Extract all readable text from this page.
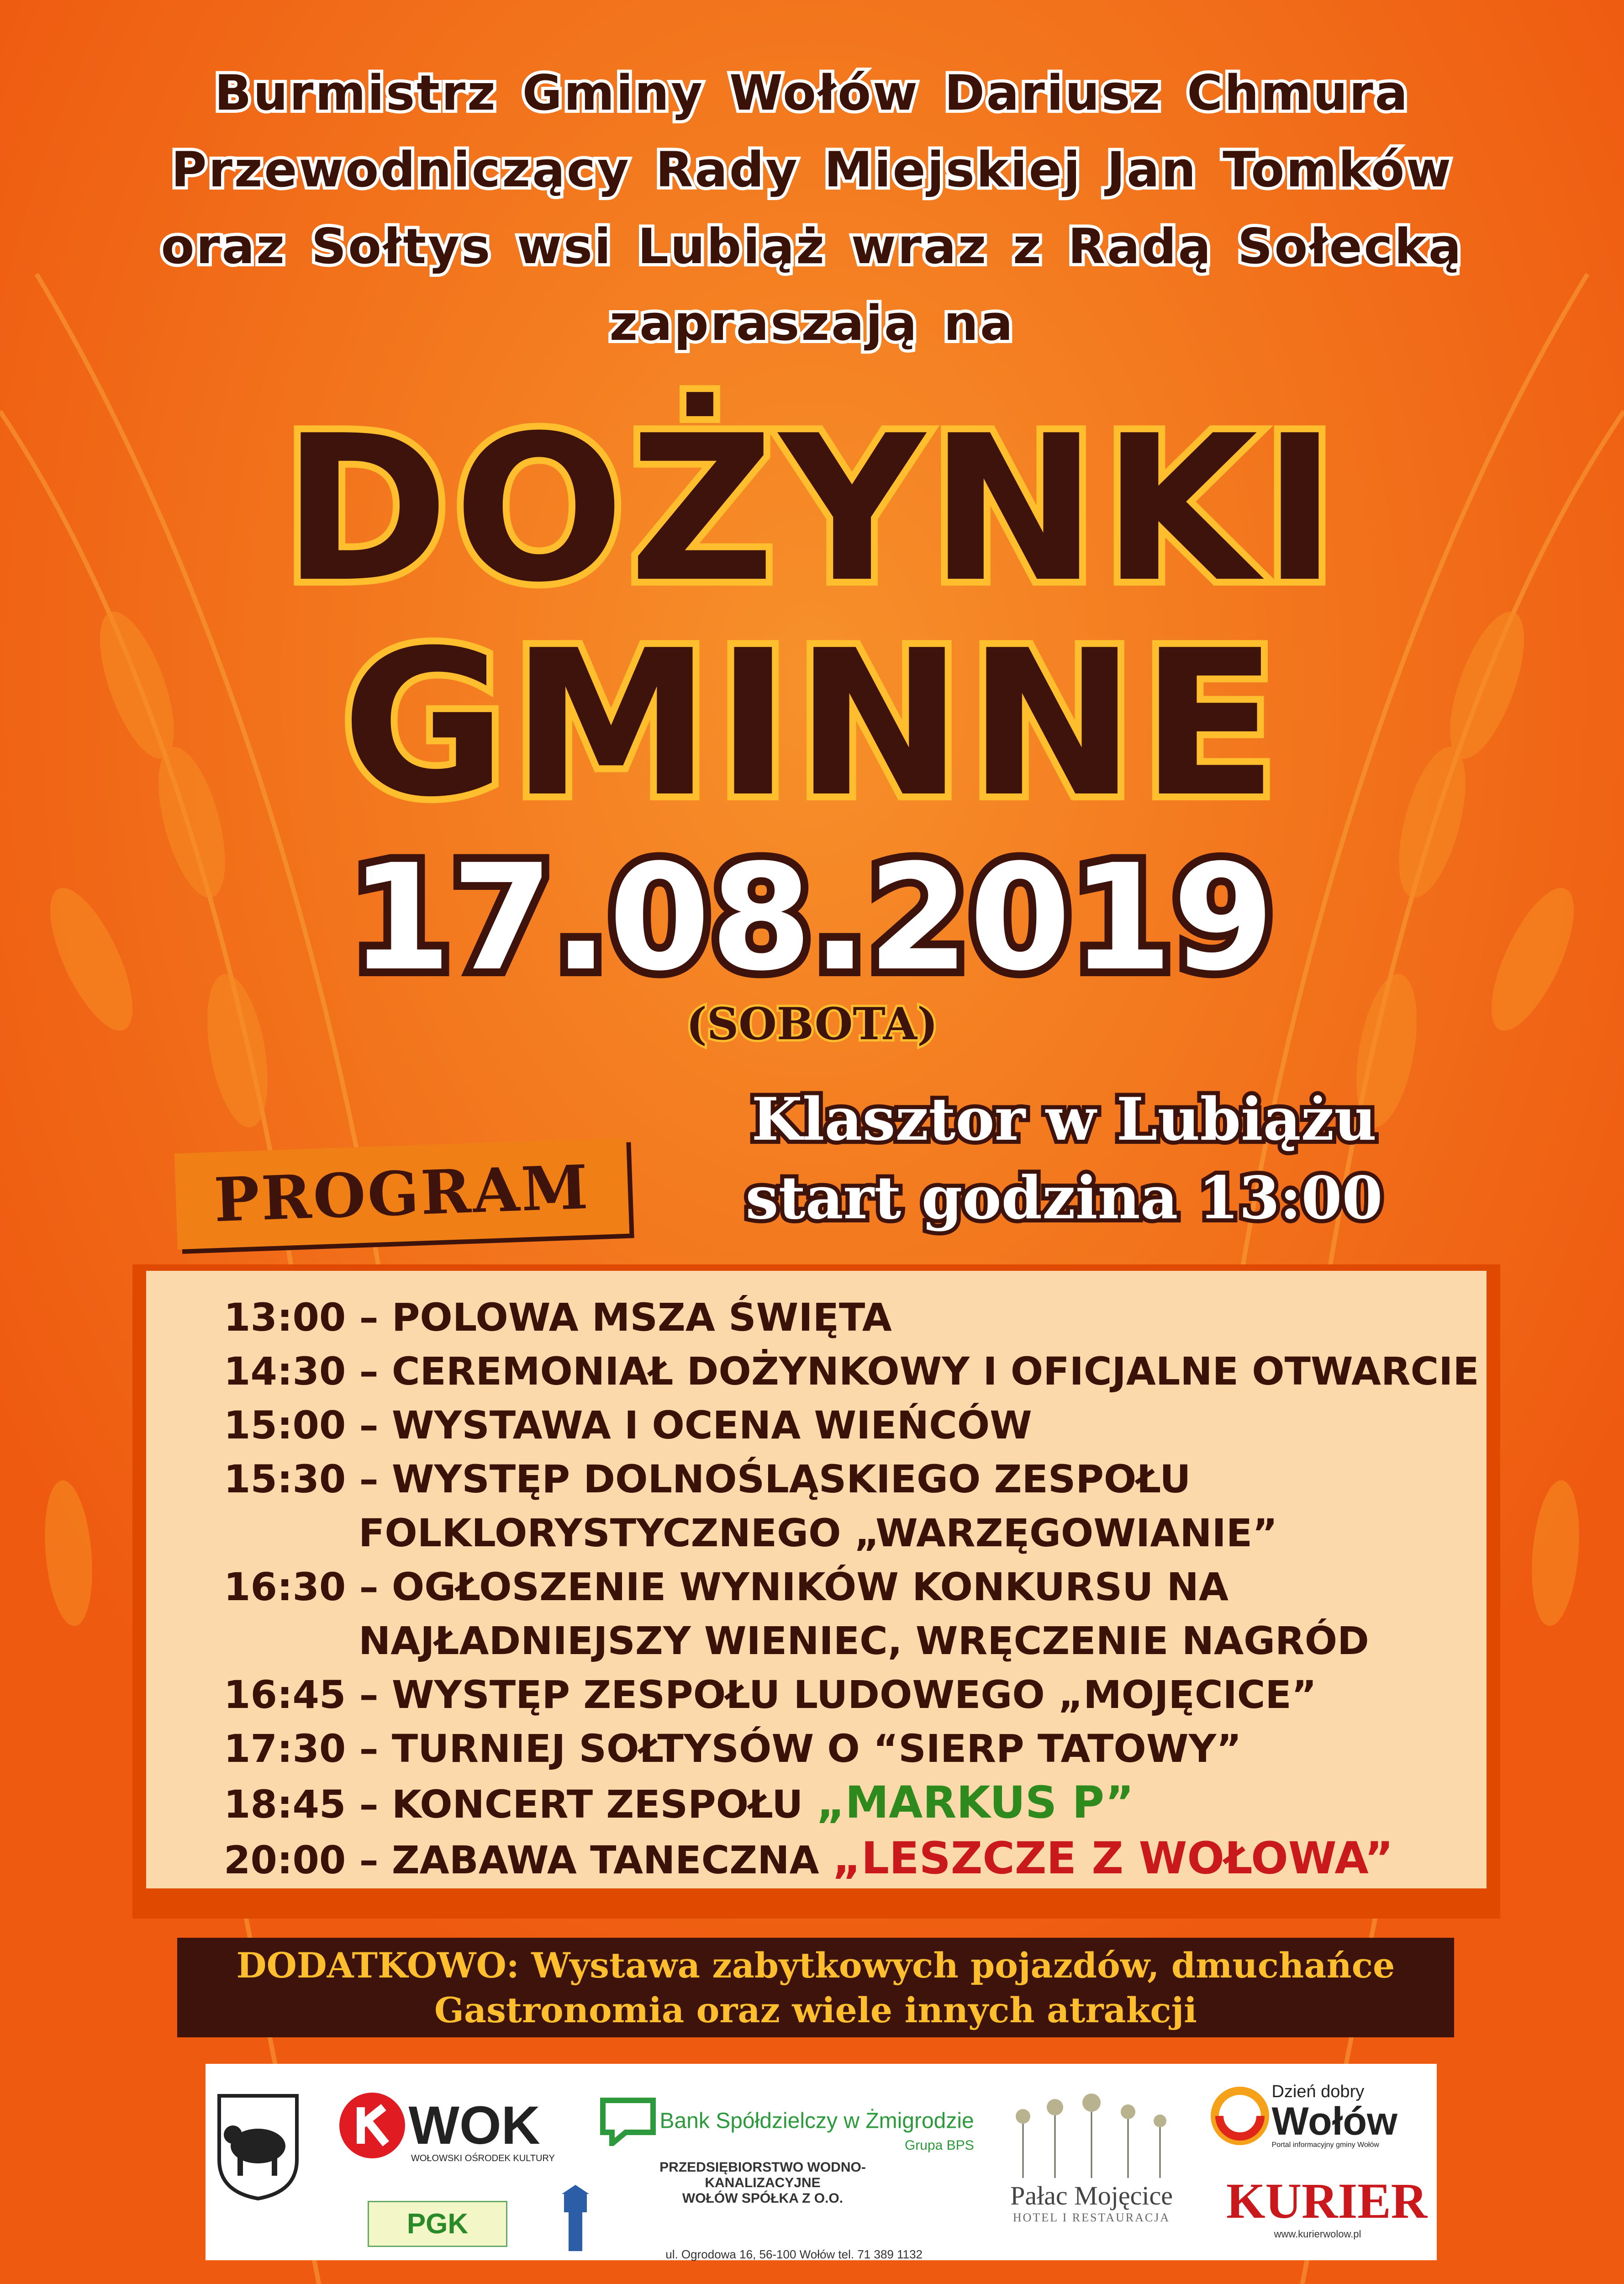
Burmistrz Gminy Wołów Dariusz Chmura
Przewodniczący Rady Miejskiej Jan Tomków
oraz Sołtys wsi Lubiąż wraz z Radą Sołecką
zapraszają na
DOŻYNKI
GMINNE
17.08.2019
(SOBOTA)
Klasztor w Lubiążu
start godzina 13:00
PROGRAM
13:00 – POLOWA MSZA ŚWIĘTA
14:30 – CEREMONIAŁ DOŻYNKOWY I OFICJALNE OTWARCIE
15:00 – WYSTAWA I OCENA WIEŃCÓW
15:30 – WYSTĘP DOLNOŚLĄSKIEGO ZESPOŁU
FOLKLORYSTYCZNEGO „WARZĘGOWIANIE”
16:30 – OGŁOSZENIE WYNIKÓW KONKURSU NA
NAJŁADNIEJSZY WIENIEC, WRĘCZENIE NAGRÓD
16:45 – WYSTĘP ZESPOŁU LUDOWEGO „MOJĘCICE”
17:30 – TURNIEJ SOŁTYSÓW O “SIERP TATOWY”
18:45 – KONCERT ZESPOŁU „MARKUS P”
20:00 – ZABAWA TANECZNA „LESZCZE Z WOŁOWA”
DODATKOWO: Wystawa zabytkowych pojazdów, dmuchańce
Gastronomia oraz wiele innych atrakcji
WOK
WOŁOWSKI OŚRODEK KULTURY
PGK
Bank Spółdzielczy w Żmigrodzie
Grupa BPS
PRZEDSIĘBIORSTWO WODNO-KANALIZACYJNE
WOŁÓW SPÓŁKA Z O.O.
ul. Ogrodowa 16, 56-100 Wołów tel. 71 389 1132
Pałac Mojęcice
HOTEL I RESTAURACJA

Dzień dobry
Wołów
Portal informacyjny gminy Wołów
KURIER
www.kurierwolow.pl
